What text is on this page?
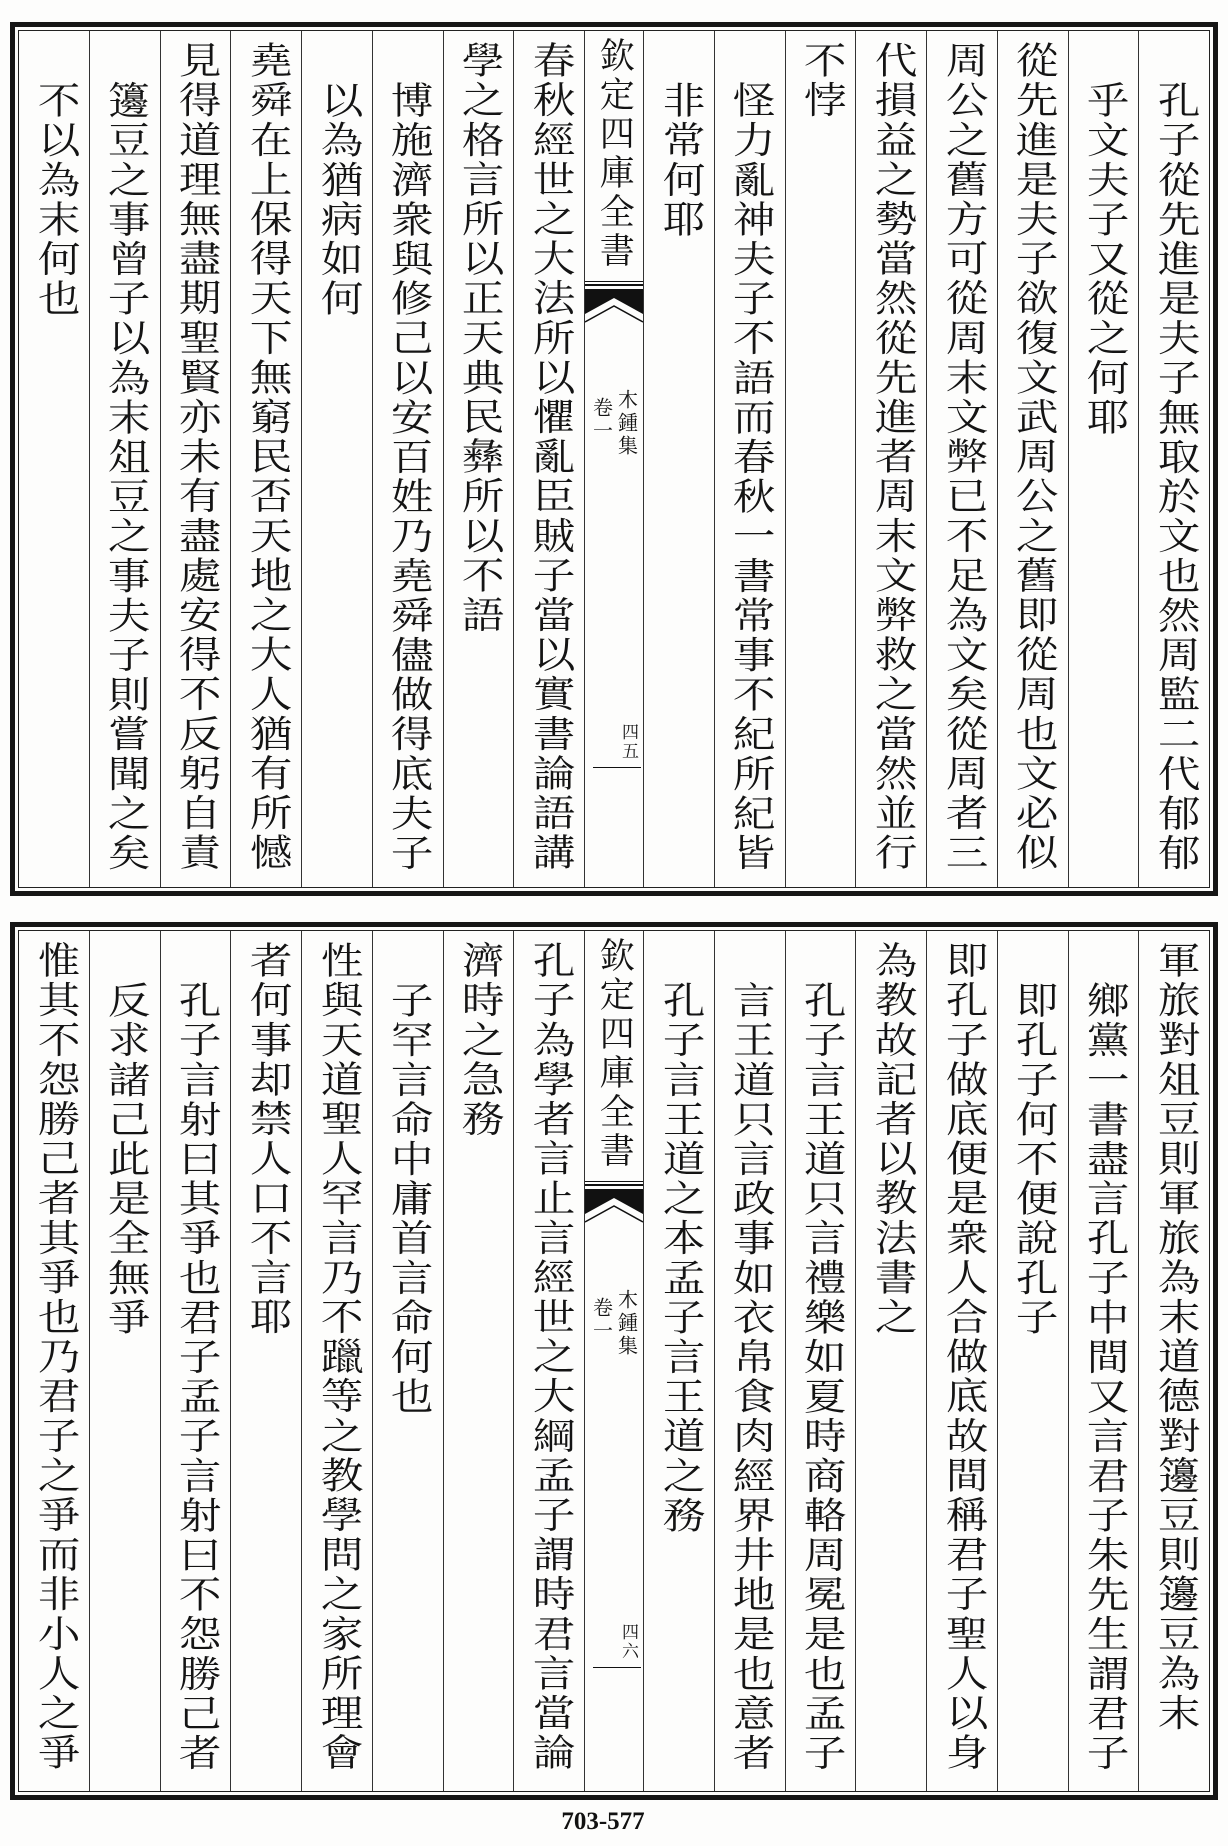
孔子從先進是夫子無取於文也然周監二代郁郁
乎文夫子又從之何耶
從先進是夫子欲復文武周公之舊即從周也文必似
周公之舊方可從周末文弊已不足為文矣從周者三
代損益之勢當然從先進者周末文弊救之當然並行
不悖
怪力亂神夫子不語而春秋一書常事不紀所紀皆
非常何耶
欽定四庫全書
木鍾集
卷一
四五
春秋經世之大法所以懼亂臣賊子當以實書論語講
學之格言所以正天典民彝所以不語
博施濟衆與修己以安百姓乃堯舜儘做得底夫子
以為猶病如何
堯舜在上保得天下無窮民否天地之大人猶有所憾
見得道理無盡期聖賢亦未有盡處安得不反躬自責
籩豆之事曾子以為末俎豆之事夫子則嘗聞之矣
不以為末何也
軍旅對俎豆則軍旅為末道德對籩豆則籩豆為末
鄉黨一書盡言孔子中間又言君子朱先生謂君子
即孔子何不便說孔子
即孔子做底便是衆人合做底故間稱君子聖人以身
為教故記者以教法書之
孔子言王道只言禮樂如夏時商輅周冕是也孟子
言王道只言政事如衣帛食肉經界井地是也意者
孔子言王道之本孟子言王道之務
欽定四庫全書
木鍾集
卷一
四六
孔子為學者言止言經世之大綱孟子謂時君言當論
濟時之急務
子罕言命中庸首言命何也
性與天道聖人罕言乃不躐等之教學問之家所理會
者何事却禁人口不言耶
孔子言射曰其爭也君子孟子言射曰不怨勝己者
反求諸己此是全無爭
惟其不怨勝己者其爭也乃君子之爭而非小人之爭
703-577
